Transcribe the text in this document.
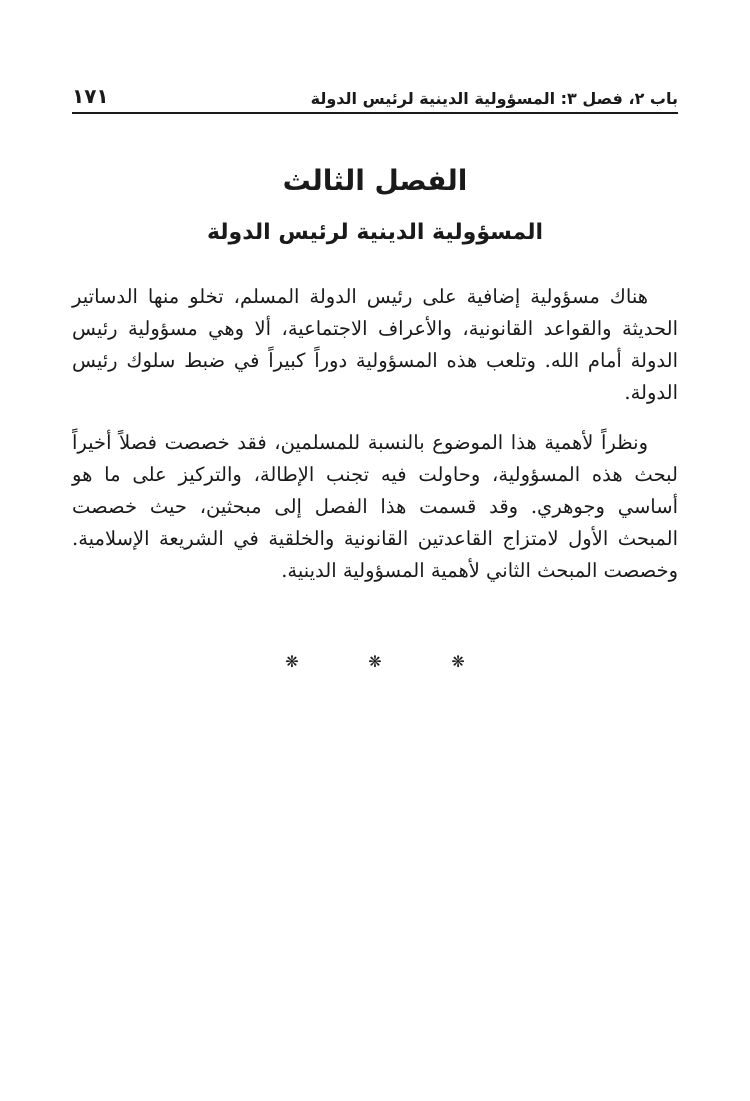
باب ٢، فصل ٣: المسؤولية الدينية لرئيس الدولة
١٧١
الفصل الثالث
المسؤولية الدينية لرئيس الدولة

هناك مسؤولية إضافية على رئيس الدولة المسلم، تخلو منها الدساتير الحديثة والقواعد القانونية، والأعراف الاجتماعية، ألا وهي مسؤولية رئيس الدولة أمام الله. وتلعب هذه المسؤولية دوراً كبيراً في ضبط سلوك رئيس الدولة.

ونظراً لأهمية هذا الموضوع بالنسبة للمسلمين، فقد خصصت فصلاً أخيراً لبحث هذه المسؤولية، وحاولت فيه تجنب الإطالة، والتركيز على ما هو أساسي وجوهري. وقد قسمت هذا الفصل إلى مبحثين، حيث خصصت المبحث الأول لامتزاج القاعدتين القانونية والخلقية في الشريعة الإسلامية. وخصصت المبحث الثاني لأهمية المسؤولية الدينية.

❋	❋	❋
